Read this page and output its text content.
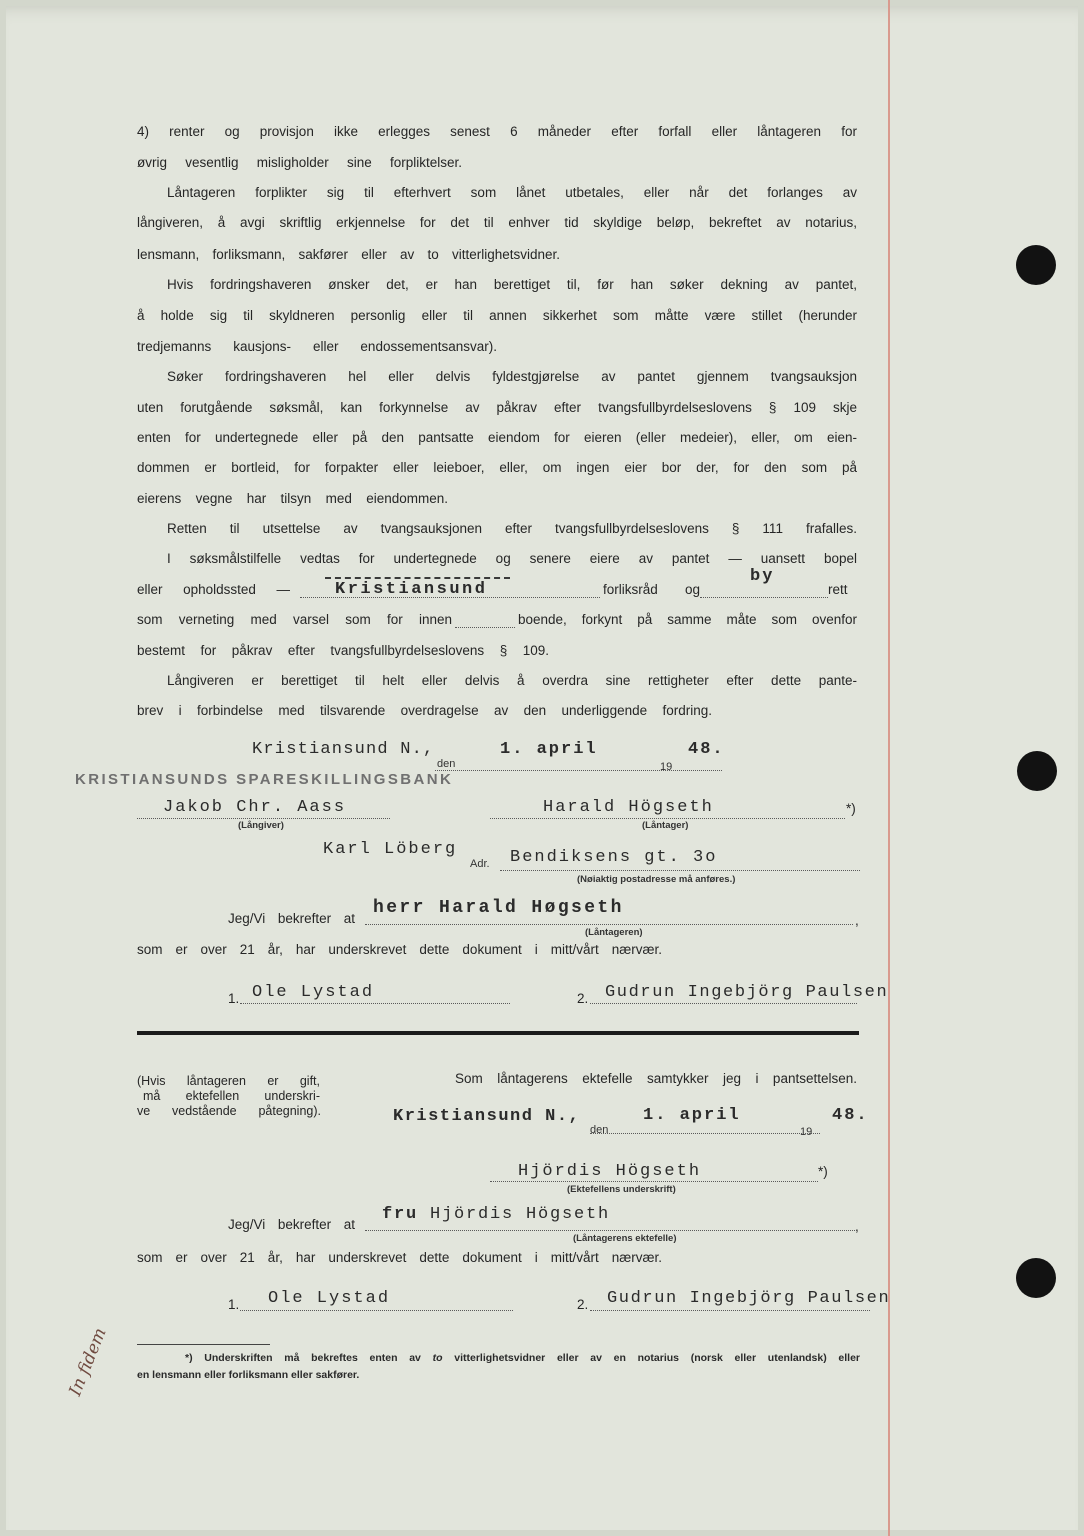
4) renter og provisjon ikke erlegges senest 6 måneder efter forfall eller låntageren for
øvrig vesentlig misligholder sine forpliktelser.
Låntageren forplikter sig til efterhvert som lånet utbetales, eller når det forlanges av
långiveren, å avgi skriftlig erkjennelse for det til enhver tid skyldige beløp, bekreftet av notarius,
lensmann, forliksmann, sakfører eller av to vitterlighetsvidner.
Hvis fordringshaveren ønsker det, er han berettiget til, før han søker dekning av pantet,
å holde sig til skyldneren personlig eller til annen sikkerhet som måtte være stillet (herunder
tredjemanns kausjons- eller endossementsansvar).
Søker fordringshaveren hel eller delvis fyldestgjørelse av pantet gjennem tvangsauksjon
uten forutgående søksmål, kan forkynnelse av påkrav efter tvangsfullbyrdelseslovens § 109 skje
enten for undertegnede eller på den pantsatte eiendom for eieren (eller medeier), eller, om eien-
dommen er bortleid, for forpakter eller leieboer, eller, om ingen eier bor der, for den som på
eierens vegne har tilsyn med eiendommen.
Retten til utsettelse av tvangsauksjonen efter tvangsfullbyrdelseslovens § 111 frafalles.
I søksmålstilfelle vedtas for undertegnede og senere eiere av pantet — uansett bopel
eller opholdssted —	Kristiansund	forliksråd og
by
rett
som verneting med varsel som for innen	boende, forkynt på samme måte som ovenfor
bestemt for påkrav efter tvangsfullbyrdelseslovens § 109.
Långiveren er berettiget til helt eller delvis å overdra sine rettigheter efter dette pante-
brev i forbindelse med tilsvarende overdragelse av den underliggende fordring.
Kristiansund N.,
den
1. april
19
48.
KRISTIANSUNDS SPARESKILLINGSBANK
Jakob Chr. Aass
(Långiver)
Harald Högseth	*)
(Låntager)
Karl Löberg
Adr. Bendiksens gt. 3o
(Nøiaktig postadresse må anføres.)
Jeg/Vi bekrefter at
herr Harald Høgseth
,
(Låntageren)
som er over 21 år, har underskrevet dette dokument i mitt/vårt nærvær.
1. Ole Lystad	2. Gudrun Ingebjörg Paulsen
(Hvis låntageren er gift,
må ektefellen underskri-
ve vedstående påtegning).
Som låntagerens ektefelle samtykker jeg i pantsettelsen.
Kristiansund N.,
den
1. april
19
48.
Hjördis Högseth	*)
(Ektefellens underskrift)
Jeg/Vi bekrefter at
fru Hjördis Högseth
,
(Låntagerens ektefelle)
som er over 21 år, har underskrevet dette dokument i mitt/vårt nærvær.
1. Ole Lystad	2. Gudrun Ingebjörg Paulsen
*) Underskriften må bekreftes enten av to vitterlighetsvidner eller av en notarius (norsk eller utenlandsk) eller
en lensmann eller forliksmann eller sakfører.
In fidem
